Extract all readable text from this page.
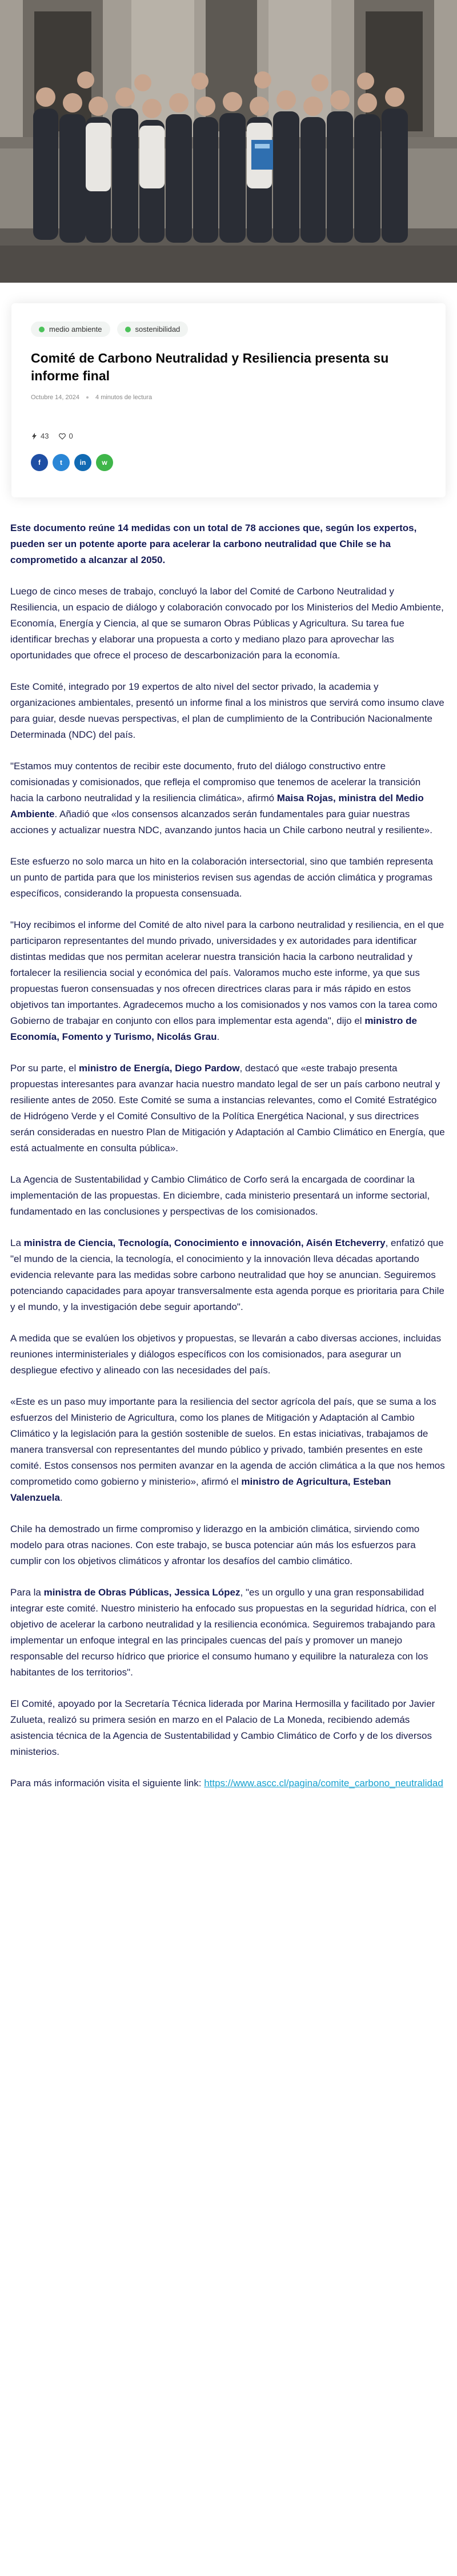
medio ambiente	sostenibilidad
Comité de Carbono Neutralidad y Resiliencia presenta su informe final
Octubre 14, 2024	4 minutos de lectura
43	0
f	t	in w

Este documento reúne 14 medidas con un total de 78 acciones que, según los expertos, pueden ser un potente aporte para acelerar la carbono neutralidad que Chile se ha comprometido a alcanzar al 2050.

Luego de cinco meses de trabajo, concluyó la labor del Comité de Carbono Neutralidad y Resiliencia, un espacio de diálogo y colaboración convocado por los Ministerios del Medio Ambiente, Economía, Energía y Ciencia, al que se sumaron Obras Públicas y Agricultura. Su tarea fue identificar brechas y elaborar una propuesta a corto y mediano plazo para aprovechar las oportunidades que ofrece el proceso de descarbonización para la economía.

Este Comité, integrado por 19 expertos de alto nivel del sector privado, la academia y organizaciones ambientales, presentó un informe final a los ministros que servirá como insumo clave para guiar, desde nuevas perspectivas, el plan de cumplimiento de la Contribución Nacionalmente Determinada (NDC) del país.

"Estamos muy contentos de recibir este documento, fruto del diálogo constructivo entre comisionadas y comisionados, que refleja el compromiso que tenemos de acelerar la transición hacia la carbono neutralidad y la resiliencia climática», afirmó Maisa Rojas, ministra del Medio Ambiente. Añadió que «los consensos alcanzados serán fundamentales para guiar nuestras acciones y actualizar nuestra NDC, avanzando juntos hacia un Chile carbono neutral y resiliente».

Este esfuerzo no solo marca un hito en la colaboración intersectorial, sino que también representa un punto de partida para que los ministerios revisen sus agendas de acción climática y programas específicos, considerando la propuesta consensuada.

"Hoy recibimos el informe del Comité de alto nivel para la carbono neutralidad y resiliencia, en el que participaron representantes del mundo privado, universidades y ex autoridades para identificar distintas medidas que nos permitan acelerar nuestra transición hacia la carbono neutralidad y fortalecer la resiliencia social y económica del país. Valoramos mucho este informe, ya que sus propuestas fueron consensuadas y nos ofrecen directrices claras para ir más rápido en estos objetivos tan importantes. Agradecemos mucho a los comisionados y nos vamos con la tarea como Gobierno de trabajar en conjunto con ellos para implementar esta agenda", dijo el ministro de Economía, Fomento y Turismo, Nicolás Grau.

Por su parte, el ministro de Energía, Diego Pardow, destacó que «este trabajo presenta propuestas interesantes para avanzar hacia nuestro mandato legal de ser un país carbono neutral y resiliente antes de 2050. Este Comité se suma a instancias relevantes, como el Comité Estratégico de Hidrógeno Verde y el Comité Consultivo de la Política Energética Nacional, y sus directrices serán consideradas en nuestro Plan de Mitigación y Adaptación al Cambio Climático en Energía, que está actualmente en consulta pública».

La Agencia de Sustentabilidad y Cambio Climático de Corfo será la encargada de coordinar la implementación de las propuestas. En diciembre, cada ministerio presentará un informe sectorial, fundamentado en las conclusiones y perspectivas de los comisionados.

La ministra de Ciencia, Tecnología, Conocimiento e innovación, Aisén Etcheverry, enfatizó que "el mundo de la ciencia, la tecnología, el conocimiento y la innovación lleva décadas aportando evidencia relevante para las medidas sobre carbono neutralidad que hoy se anuncian. Seguiremos potenciando capacidades para apoyar transversalmente esta agenda porque es prioritaria para Chile y el mundo, y la investigación debe seguir aportando".

A medida que se evalúen los objetivos y propuestas, se llevarán a cabo diversas acciones, incluidas reuniones interministeriales y diálogos específicos con los comisionados, para asegurar un despliegue efectivo y alineado con las necesidades del país.

«Este es un paso muy importante para la resiliencia del sector agrícola del país, que se suma a los esfuerzos del Ministerio de Agricultura, como los planes de Mitigación y Adaptación al Cambio Climático y la legislación para la gestión sostenible de suelos. En estas iniciativas, trabajamos de manera transversal con representantes del mundo público y privado, también presentes en este comité. Estos consensos nos permiten avanzar en la agenda de acción climática a la que nos hemos comprometido como gobierno y ministerio», afirmó el ministro de Agricultura, Esteban Valenzuela.

Chile ha demostrado un firme compromiso y liderazgo en la ambición climática, sirviendo como modelo para otras naciones. Con este trabajo, se busca potenciar aún más los esfuerzos para cumplir con los objetivos climáticos y afrontar los desafíos del cambio climático.

Para la ministra de Obras Públicas, Jessica López, "es un orgullo y una gran responsabilidad integrar este comité. Nuestro ministerio ha enfocado sus propuestas en la seguridad hídrica, con el objetivo de acelerar la carbono neutralidad y la resiliencia económica. Seguiremos trabajando para implementar un enfoque integral en las principales cuencas del país y promover un manejo responsable del recurso hídrico que priorice el consumo humano y equilibre la naturaleza con los habitantes de los territorios".

El Comité, apoyado por la Secretaría Técnica liderada por Marina Hermosilla y facilitado por Javier Zulueta, realizó su primera sesión en marzo en el Palacio de La Moneda, recibiendo además asistencia técnica de la Agencia de Sustentabilidad y Cambio Climático de Corfo y de los diversos ministerios.

Para más información visita el siguiente link: https://www.ascc.cl/pagina/comite_carbono_neutralidad
